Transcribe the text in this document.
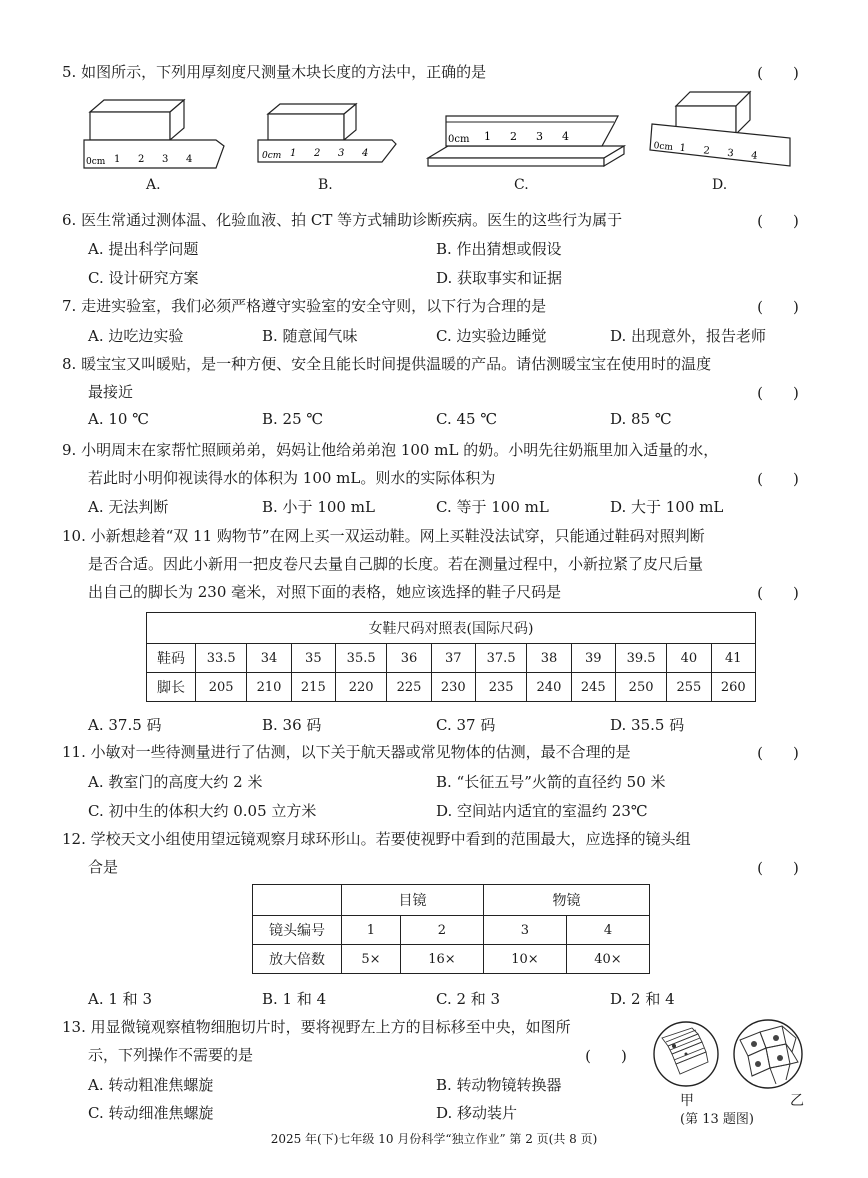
5. 如图所示，下列用厚刻度尺测量木块长度的方法中，正确的是	(　　)
0cm 1 2 3 4
A.
0cm 1 2 3 4
B.
0cm 1 2 3 4
C.
0cm 1 2 3 4
D.
6. 医生常通过测体温、化验血液、拍 CT 等方式辅助诊断疾病。医生的这些行为属于	(　　)
A. 提出科学问题	B. 作出猜想或假设
C. 设计研究方案	D. 获取事实和证据
7. 走进实验室，我们必须严格遵守实验室的安全守则，以下行为合理的是	(　　)
A. 边吃边实验	B. 随意闻气味	C. 边实验边睡觉	D. 出现意外，报告老师
8. 暖宝宝又叫暖贴，是一种方便、安全且能长时间提供温暖的产品。请估测暖宝宝在使用时的温度
最接近	(　　)
A. 10 ℃	B. 25 ℃	C. 45 ℃	D. 85 ℃
9. 小明周末在家帮忙照顾弟弟，妈妈让他给弟弟泡 100 mL 的奶。小明先往奶瓶里加入适量的水，
若此时小明仰视读得水的体积为 100 mL。则水的实际体积为	(　　)
A. 无法判断	B. 小于 100 mL	C. 等于 100 mL	D. 大于 100 mL
10. 小新想趁着“双 11 购物节”在网上买一双运动鞋。网上买鞋没法试穿，只能通过鞋码对照判断
是否合适。因此小新用一把皮卷尺去量自己脚的长度。若在测量过程中，小新拉紧了皮尺后量
出自己的脚长为 230 毫米，对照下面的表格，她应该选择的鞋子尺码是	(　　)
女鞋尺码对照表(国际尺码)												
鞋码	33.5	34	35	35.5	36	37	37.5	38	39	39.5	40	41
脚长	205	210	215	220	225	230	235	240	245	250	255	260
A. 37.5 码	B. 36 码	C. 37 码	D. 35.5 码
11. 小敏对一些待测量进行了估测，以下关于航天器或常见物体的估测，最不合理的是	(　　)
A. 教室门的高度大约 2 米	B. “长征五号”火箭的直径约 50 米
C. 初中生的体积大约 0.05 立方米	D. 空间站内适宜的室温约 23℃
12. 学校天文小组使用望远镜观察月球环形山。若要使视野中看到的范围最大，应选择的镜头组
合是	(　　)
	目镜		物镜	
镜头编号	1	2	3	4
放大倍数	5×	16×	10×	40×
A. 1 和 3	B. 1 和 4	C. 2 和 3	D. 2 和 4
13. 用显微镜观察植物细胞切片时，要将视野左上方的目标移至中央，如图所
示，下列操作不需要的是	(　　)
A. 转动粗准焦螺旋	B. 转动物镜转换器
C. 转动细准焦螺旋	D. 移动装片
甲	乙
(第 13 题图)
2025 年(下)七年级 10 月份科学“独立作业” 第 2 页(共 8 页)
